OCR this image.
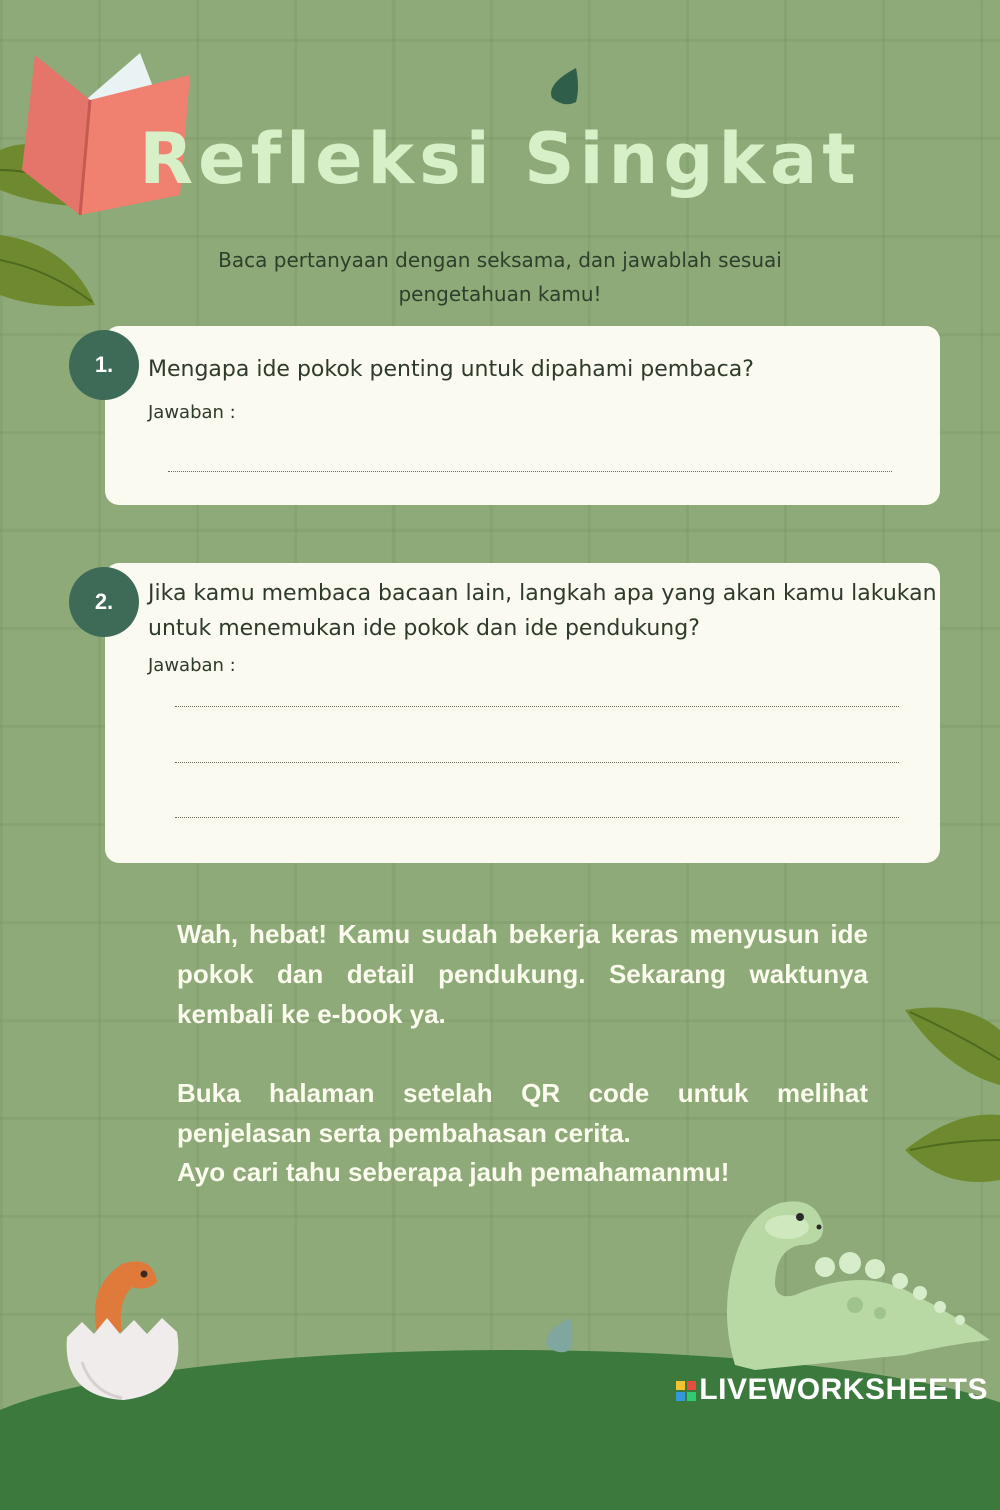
Refleksi Singkat
Baca pertanyaan dengan seksama, dan jawablah sesuai pengetahuan kamu!
1.	Mengapa ide pokok penting untuk dipahami pembaca?
Jawaban :
2.	Jika kamu membaca bacaan lain, langkah apa yang akan kamu lakukan untuk menemukan ide pokok dan ide pendukung?
Jawaban :
Wah, hebat! Kamu sudah bekerja keras menyusun ide pokok dan detail pendukung. Sekarang waktunya kembali ke e-book ya.
Buka halaman setelah QR code untuk melihat penjelasan serta pembahasan cerita.
Ayo cari tahu seberapa jauh pemahamanmu!
LIVEWORKSHEETS
